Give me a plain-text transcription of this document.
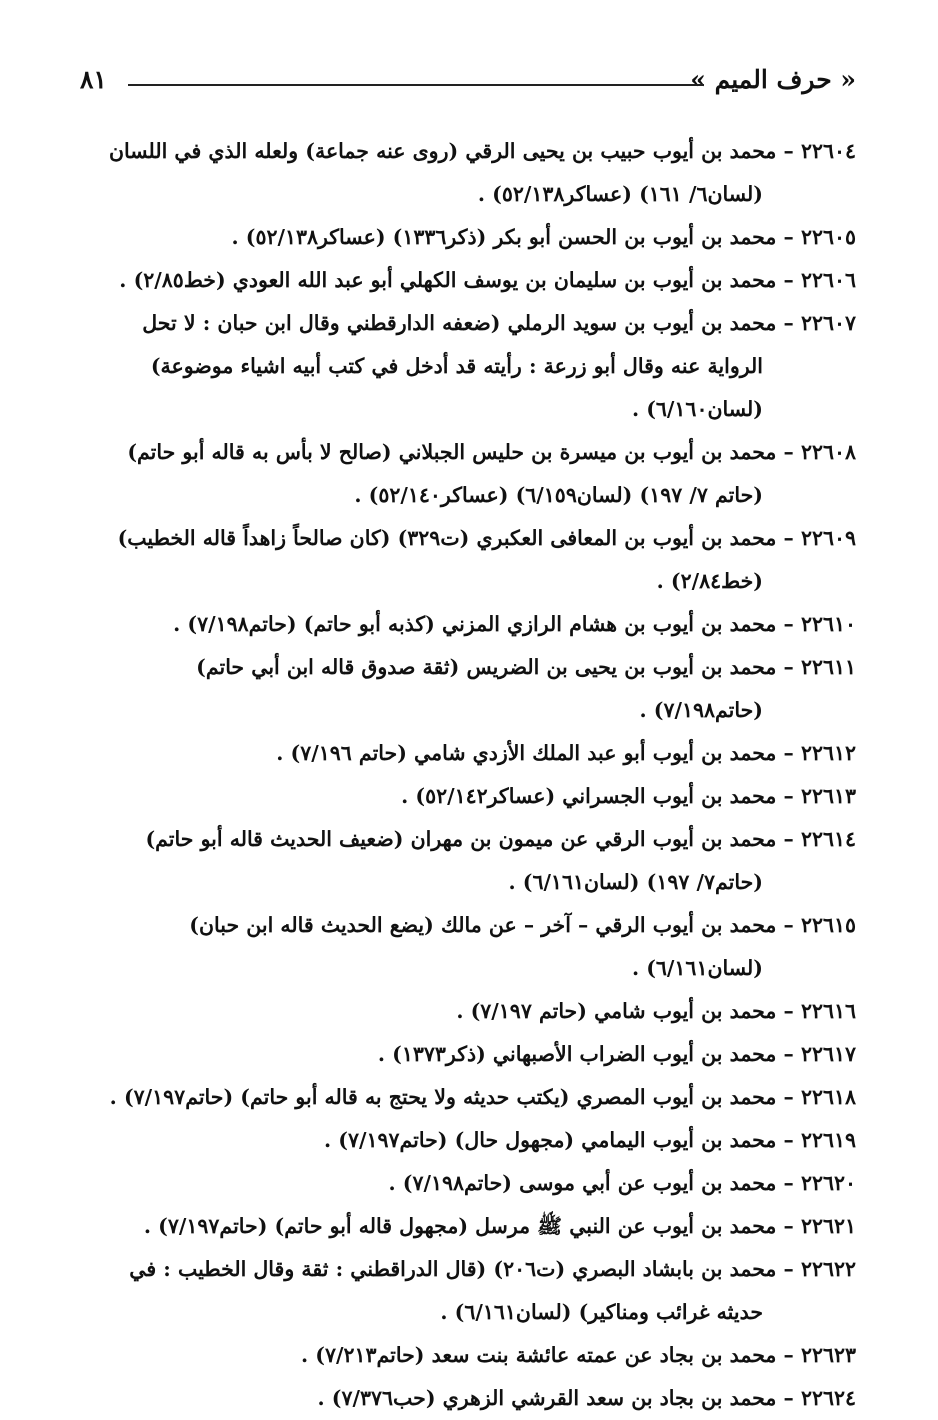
« حرف الميم »
٨١

٢٢٦٠٤ – محمد بن أيوب حبيب بن يحيى الرقي (روى عنه جماعة) ولعله الذي في اللسان (لسان٦/ ١٦١) (عساكر٥٢/١٣٨) .

٢٢٦٠٥ – محمد بن أيوب بن الحسن أبو بكر (ذكر١٣٣٦) (عساكر٥٢/١٣٨) .

٢٢٦٠٦ – محمد بن أيوب بن سليمان بن يوسف الكهلي أبو عبد الله العودي (خط٢/٨٥) .

٢٢٦٠٧ – محمد بن أيوب بن سويد الرملي (ضعفه الدارقطني وقال ابن حبان : لا تحل الرواية عنه وقال أبو زرعة : رأيته قد أدخل في كتب أبيه اشياء موضوعة) (لسان٦/١٦٠) .

٢٢٦٠٨ – محمد بن أيوب بن ميسرة بن حليس الجبلاني (صالح لا بأس به قاله أبو حاتم) (حاتم ٧/ ١٩٧) (لسان٦/١٥٩) (عساكر٥٢/١٤٠) .

٢٢٦٠٩ – محمد بن أيوب بن المعافى العكبري (ت٣٢٩) (كان صالحاً زاهداً قاله الخطيب) (خط٢/٨٤) .

٢٢٦١٠ – محمد بن أيوب بن هشام الرازي المزني (كذبه أبو حاتم) (حاتم٧/١٩٨) .

٢٢٦١١ – محمد بن أيوب بن يحيى بن الضريس (ثقة صدوق قاله ابن أبي حاتم) (حاتم٧/١٩٨) .

٢٢٦١٢ – محمد بن أيوب أبو عبد الملك الأزدي شامي (حاتم ٧/١٩٦) .

٢٢٦١٣ – محمد بن أيوب الجسراني (عساكر٥٢/١٤٢) .

٢٢٦١٤ – محمد بن أيوب الرقي عن ميمون بن مهران (ضعيف الحديث قاله أبو حاتم) (حاتم٧/ ١٩٧) (لسان٦/١٦١) .

٢٢٦١٥ – محمد بن أيوب الرقي – آخر – عن مالك (يضع الحديث قاله ابن حبان) (لسان٦/١٦١) .

٢٢٦١٦ – محمد بن أيوب شامي (حاتم ٧/١٩٧) .

٢٢٦١٧ – محمد بن أيوب الضراب الأصبهاني (ذكر١٣٧٣) .

٢٢٦١٨ – محمد بن أيوب المصري (يكتب حديثه ولا يحتج به قاله أبو حاتم) (حاتم٧/١٩٧) .

٢٢٦١٩ – محمد بن أيوب اليمامي (مجهول حال) (حاتم٧/١٩٧) .

٢٢٦٢٠ – محمد بن أيوب عن أبي موسى (حاتم٧/١٩٨) .

٢٢٦٢١ – محمد بن أيوب عن النبي ﷺ مرسل (مجهول قاله أبو حاتم) (حاتم٧/١٩٧) .

٢٢٦٢٢ – محمد بن بابشاد البصري (ت٢٠٦) (قال الدراقطني : ثقة وقال الخطيب : في حديثه غرائب ومناكير) (لسان٦/١٦١) .

٢٢٦٢٣ – محمد بن بجاد عن عمته عائشة بنت سعد (حاتم٧/٢١٣) .

٢٢٦٢٤ – محمد بن بجاد بن سعد القرشي الزهري (حب٧/٣٧٦) .
